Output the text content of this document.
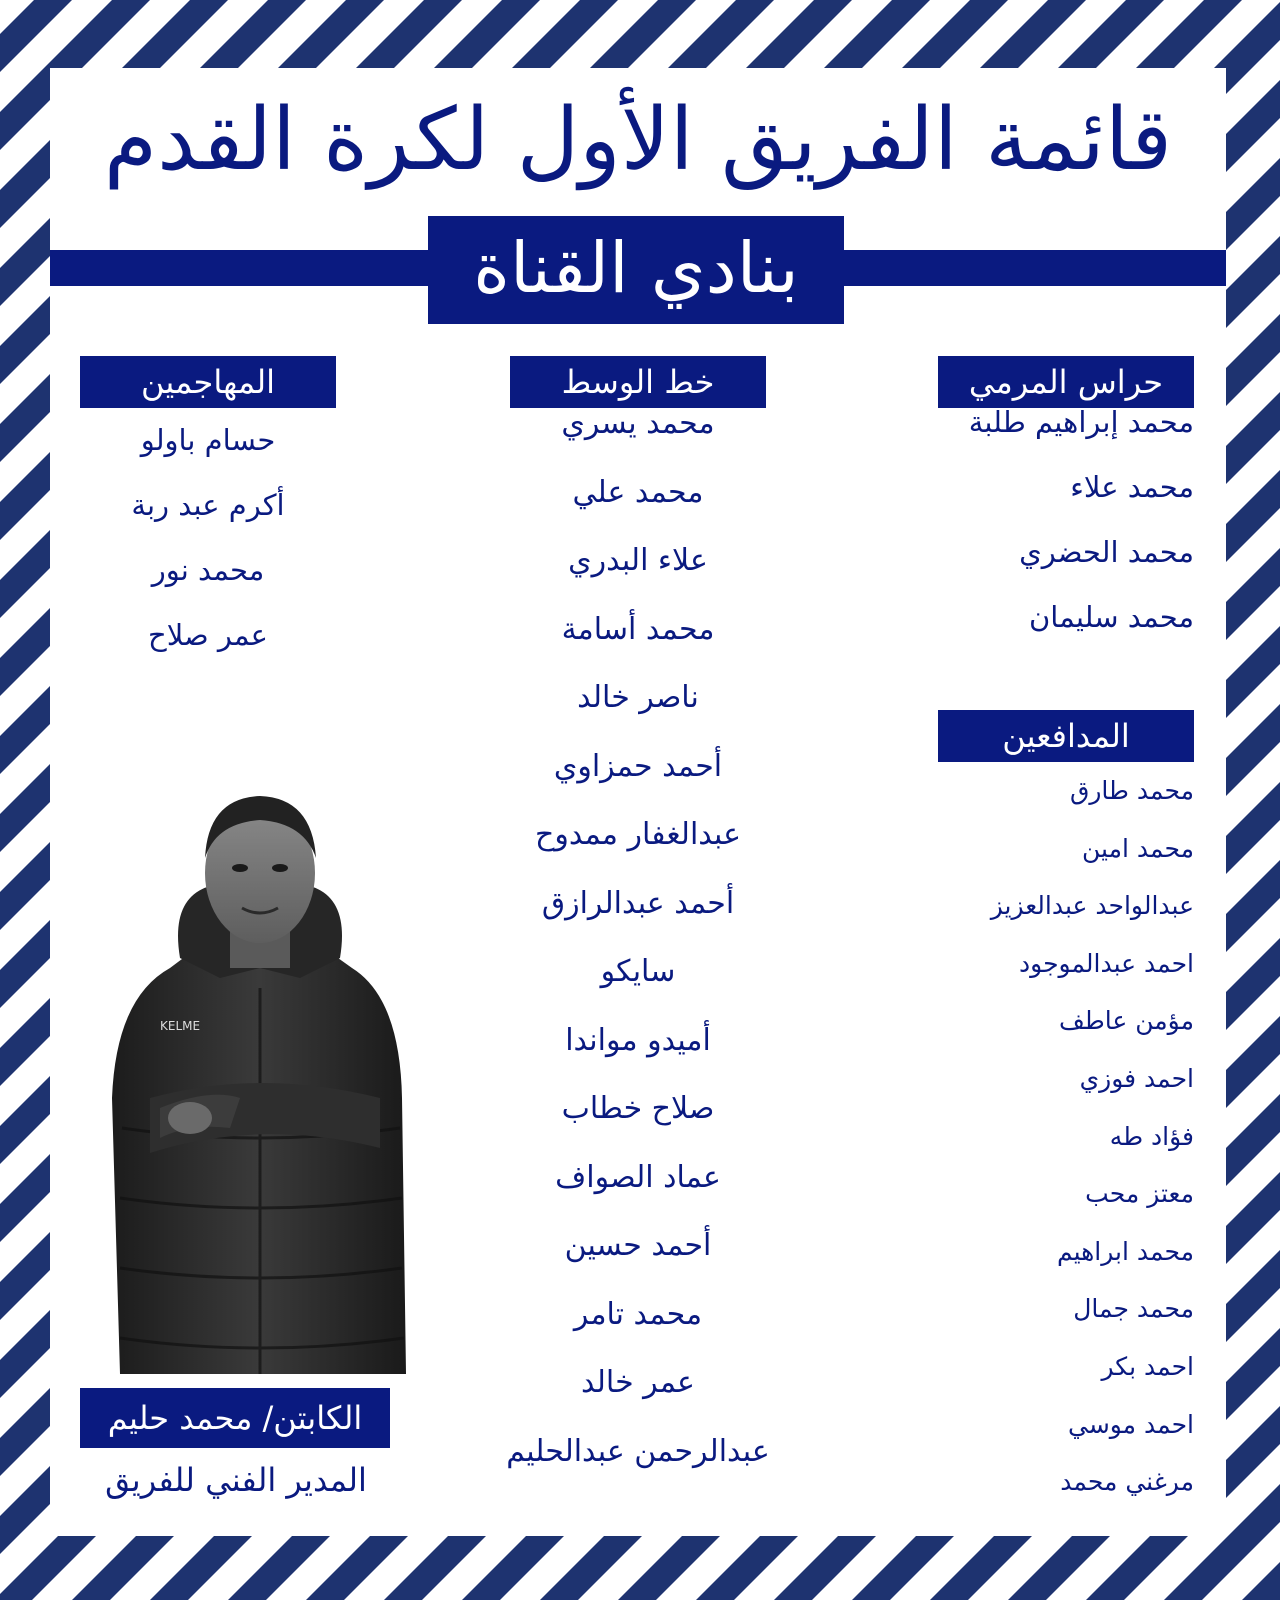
قائمة الفريق الأول لكرة القدم
بنادي القناة
حراس المرمي
محمد إبراهيم طلبة
محمد علاء
محمد الحضري
محمد سليمان
المدافعين
محمد طارق
محمد امين
عبدالواحد عبدالعزيز
احمد عبدالموجود
مؤمن عاطف
احمد فوزي
فؤاد طه
معتز محب
محمد ابراهيم
محمد جمال
احمد بكر
احمد موسي
مرغني محمد
خط الوسط
محمد يسري
محمد علي
علاء البدري
محمد أسامة
ناصر خالد
أحمد حمزاوي
عبدالغفار ممدوح
أحمد عبدالرازق
سايكو
أميدو مواندا
صلاح خطاب
عماد الصواف
أحمد حسين
محمد تامر
عمر خالد
عبدالرحمن عبدالحليم
المهاجمين
حسام باولو
أكرم عبد ربة
محمد نور
عمر صلاح
KELME
الكابتن/ محمد حليم
المدير الفني للفريق
